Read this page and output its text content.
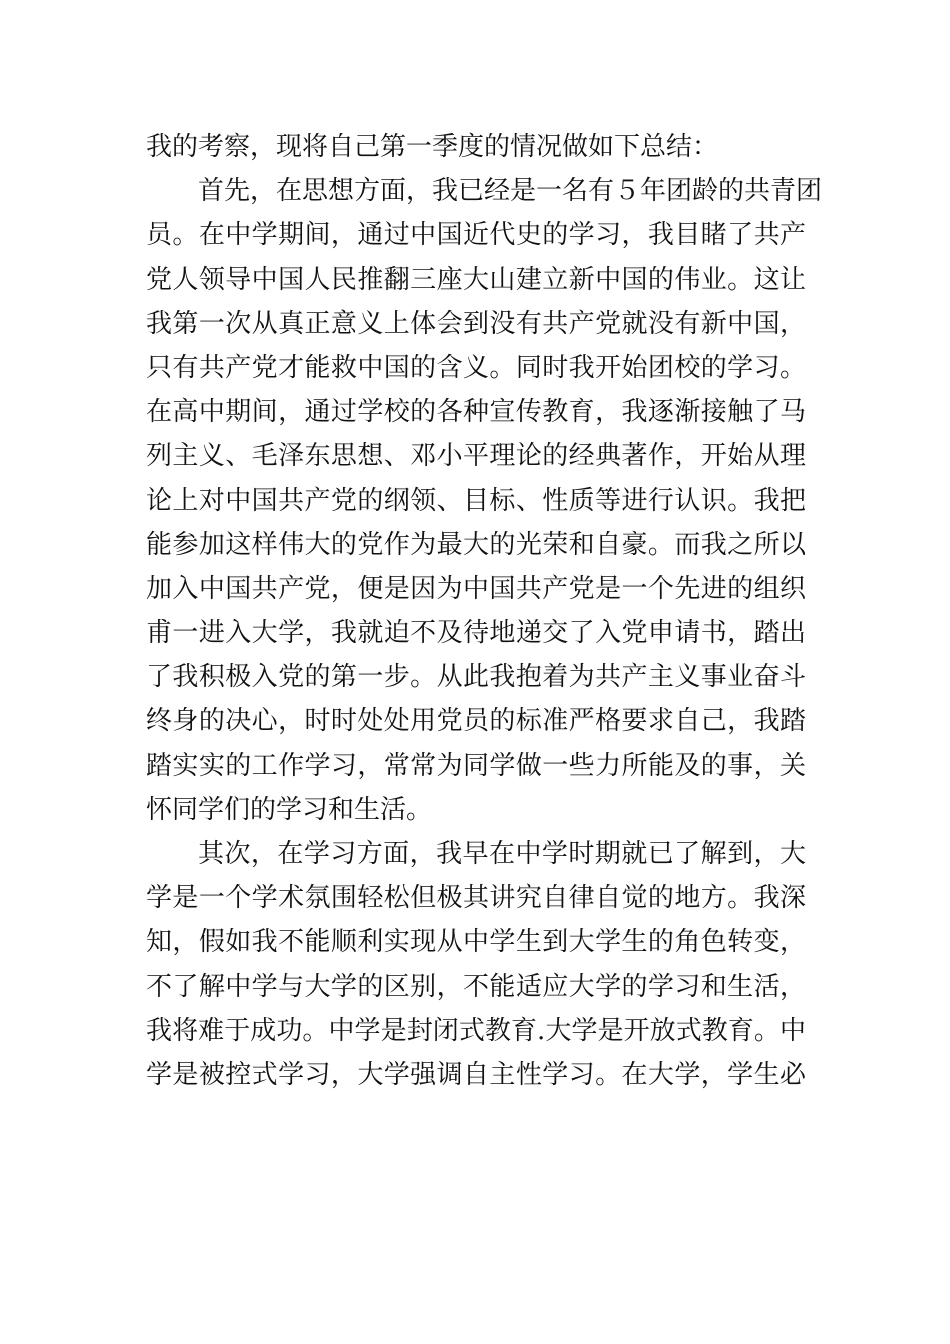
我的考察，现将自己第一季度的情况做如下总结：
首先，在思想方面，我已经是一名有５年团龄的共青团
员。在中学期间，通过中国近代史的学习，我目睹了共产
党人领导中国人民推翻三座大山建立新中国的伟业。这让
我第一次从真正意义上体会到没有共产党就没有新中国，
只有共产党才能救中国的含义。同时我开始团校的学习。
在高中期间，通过学校的各种宣传教育，我逐渐接触了马
列主义、毛泽东思想、邓小平理论的经典著作，开始从理
论上对中国共产党的纲领、目标、性质等进行认识。我把
能参加这样伟大的党作为最大的光荣和自豪。而我之所以
加入中国共产党，便是因为中国共产党是一个先进的组织
甫一进入大学，我就迫不及待地递交了入党申请书，踏出
了我积极入党的第一步。从此我抱着为共产主义事业奋斗
终身的决心，时时处处用党员的标准严格要求自己，我踏
踏实实的工作学习，常常为同学做一些力所能及的事，关
怀同学们的学习和生活。
其次，在学习方面，我早在中学时期就已了解到，大
学是一个学术氛围轻松但极其讲究自律自觉的地方。我深
知，假如我不能顺利实现从中学生到大学生的角色转变，
不了解中学与大学的区别，不能适应大学的学习和生活，
我将难于成功。中学是封闭式教育.大学是开放式教育。中
学是被控式学习，大学强调自主性学习。在大学，学生必
